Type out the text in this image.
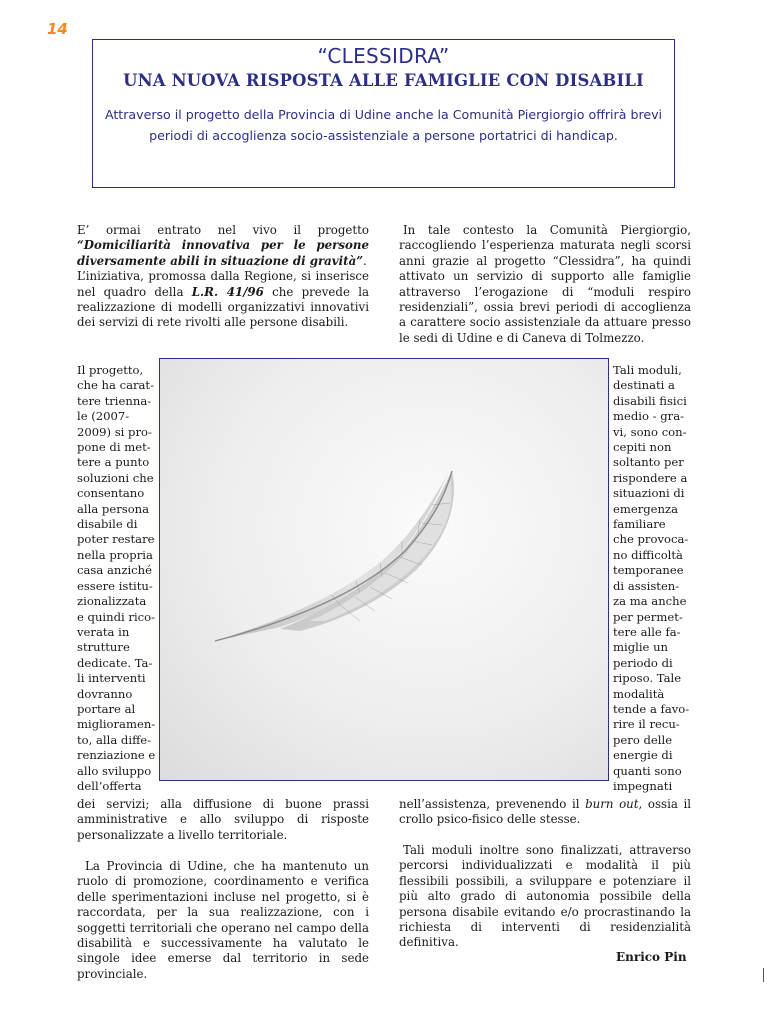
14
“CLESSIDRA”
UNA NUOVA RISPOSTA ALLE FAMIGLIE CON DISABILI
Attraverso il progetto della Provincia di Udine anche la Comunità Piergiorgio offrirà brevi periodi di accoglienza socio-assistenziale a persone portatrici di handicap.
E’ ormai entrato nel vivo il progetto “Domiciliarità innovativa per le persone diversamente abili in situazione di gravità”.
L’iniziativa, promossa dalla Regione, si inserisce nel quadro della L.R. 41/96 che prevede la realizzazione di modelli organizzativi innovativi dei servizi di rete rivolti alle persone disabili.
In tale contesto la Comunità Piergiorgio, raccogliendo l’esperienza maturata negli scorsi anni grazie al progetto “Clessidra”, ha quindi attivato un servizio di supporto alle famiglie attraverso l’erogazione di “moduli respiro residenziali”, ossia brevi periodi di accoglienza a carattere socio assistenziale da attuare presso le sedi di Udine e di Caneva di Tolmezzo.
Il progetto,
che ha carat-
tere trienna-
le (2007-
2009) si pro-
pone di met-
tere a punto
soluzioni che
consentano
alla persona
disabile di
poter restare
nella propria
casa anziché
essere istitu-
zionalizzata
e quindi rico-
verata in
strutture
dedicate. Ta-
li interventi
dovranno
portare al
miglioramen-
to, alla diffe-
renziazione e
allo sviluppo
dell’offerta
Tali moduli,
destinati a
disabili fisici
medio - gra-
vi, sono con-
cepiti non
soltanto per
rispondere a
situazioni di
emergenza
familiare
che provoca-
no difficoltà
temporanee
di assisten-
za ma anche
per permet-
tere alle fa-
miglie un
periodo di
riposo. Tale
modalità
tende a favo-
rire il recu-
pero delle
energie di
quanti sono
impegnati
dei servizi; alla diffusione di buone prassi amministrative e allo sviluppo di risposte personalizzate a livello territoriale.
La Provincia di Udine, che ha mantenuto un ruolo di promozione, coordinamento e verifica delle sperimentazioni incluse nel progetto, si è raccordata, per la sua realizzazione, con i soggetti territoriali che operano nel campo della disabilità e successivamente ha valutato le singole idee emerse dal territorio in sede provinciale.
nell’assistenza, prevenendo il burn out, ossia il crollo psico-fisico delle stesse.
Tali moduli inoltre sono finalizzati, attraverso percorsi individualizzati e modalità il più flessibili possibili, a sviluppare e potenziare il più alto grado di autonomia possibile della persona disabile evitando e/o procrastinando la richiesta di interventi di residenzialità definitiva.
Enrico Pin
